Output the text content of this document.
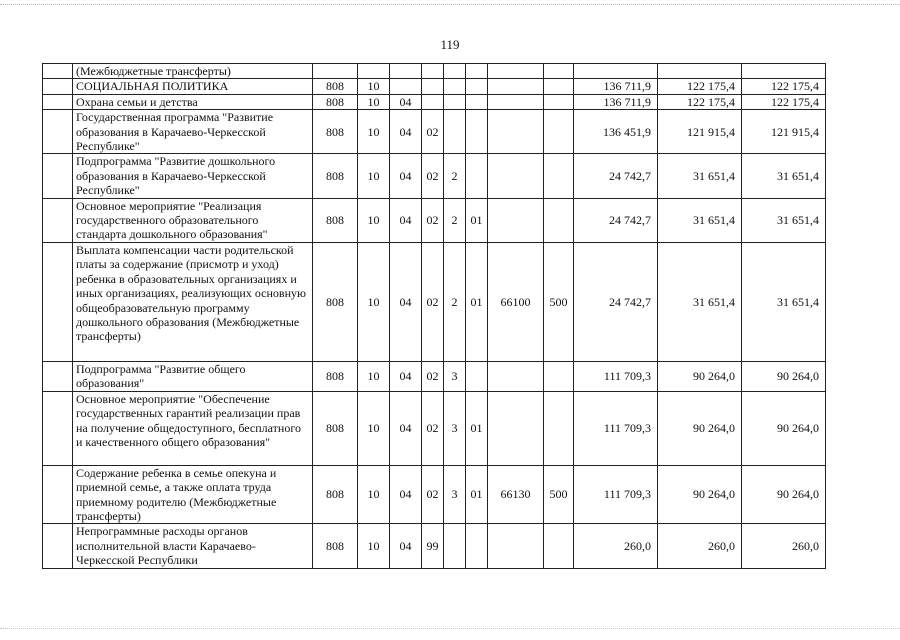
119
	(Межбюджетные трансферты)											
	СОЦИАЛЬНАЯ ПОЛИТИКА	808	10							136 711,9	122 175,4	122 175,4
	Охрана семьи и детства	808	10	04						136 711,9	122 175,4	122 175,4
	Государственная программа "Развитие образования в Карачаево-Черкесской Республике"	808	10	04	02					136 451,9	121 915,4	121 915,4
	Подпрограмма "Развитие дошкольного образования в Карачаево-Черкесской Республике"	808	10	04	02	2				24 742,7	31 651,4	31 651,4
	Основное мероприятие "Реализация государственного образовательного стандарта дошкольного образования"	808	10	04	02	2	01			24 742,7	31 651,4	31 651,4
	Выплата компенсации части родительской платы за содержание (присмотр и уход) ребенка в образовательных организациях и иных организациях, реализующих основную общеобразовательную программу дошкольного образования (Межбюджетные трансферты)	808	10	04	02	2	01	66100	500	24 742,7	31 651,4	31 651,4
	Подпрограмма "Развитие общего образования"	808	10	04	02	3				111 709,3	90 264,0	90 264,0
	Основное мероприятие "Обеспечение государственных гарантий реализации прав на получение общедоступного, бесплатного и качественного общего образования"	808	10	04	02	3	01			111 709,3	90 264,0	90 264,0
	Содержание ребенка в семье опекуна и приемной семье, а также оплата труда приемному родителю (Межбюджетные трансферты)	808	10	04	02	3	01	66130	500	111 709,3	90 264,0	90 264,0
	Непрограммные расходы органов исполнительной власти Карачаево-Черкесской Республики	808	10	04	99					260,0	260,0	260,0
